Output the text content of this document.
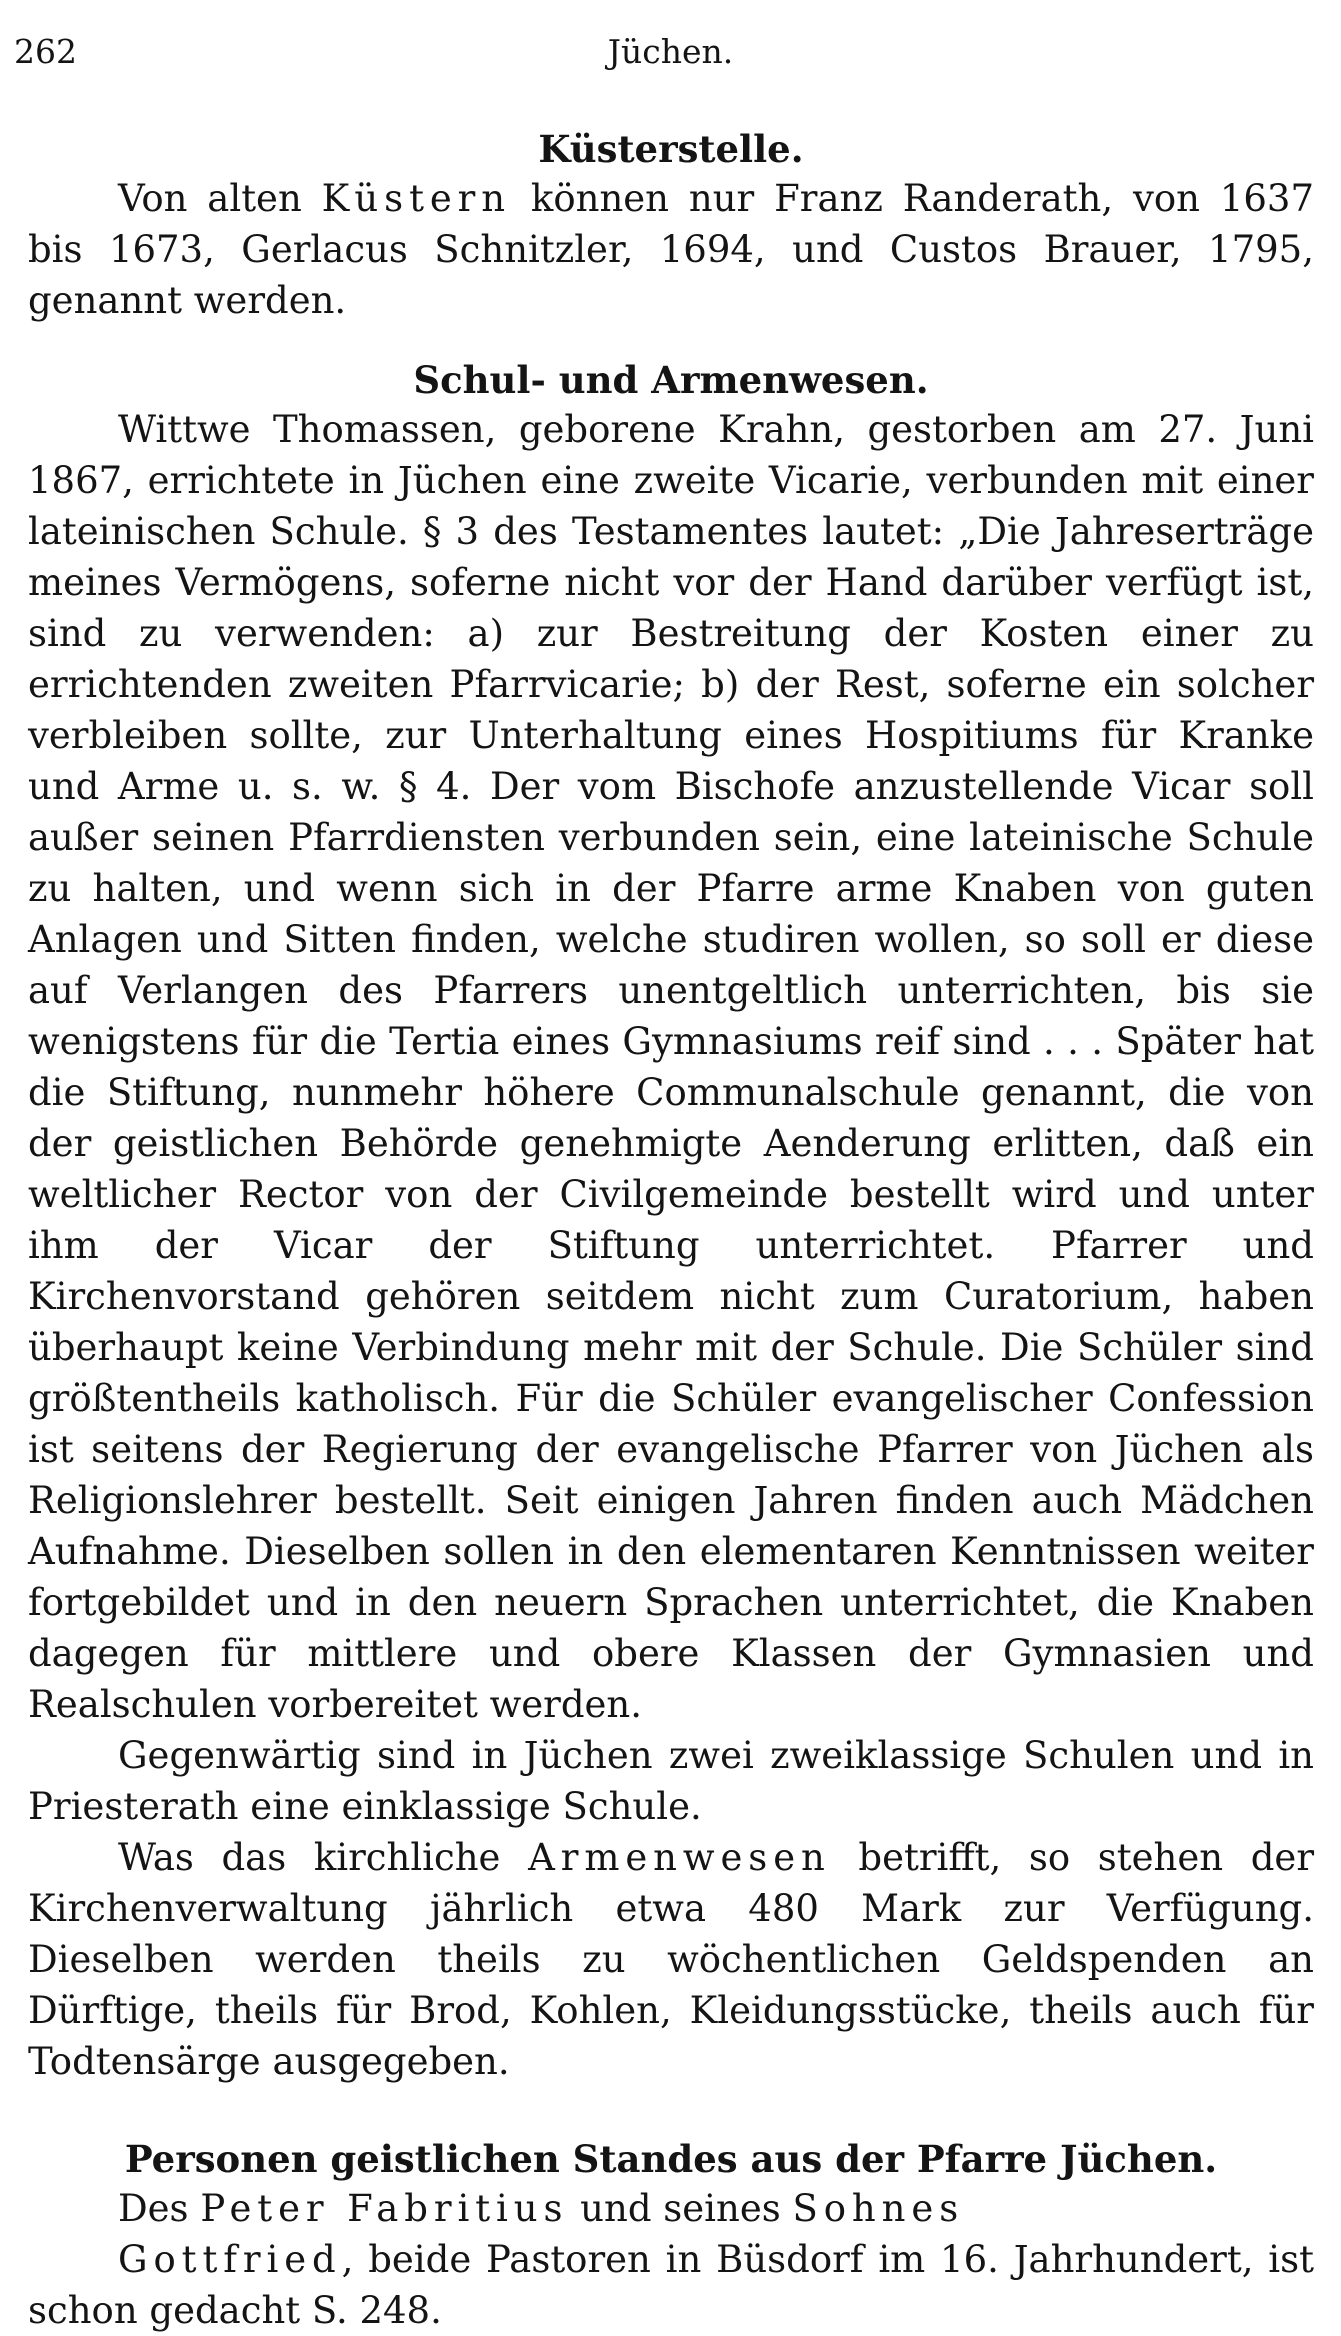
262	Jüchen.
Küsterstelle.

Von alten Küstern können nur Franz Randerath, von 1637 bis 1673, Gerlacus Schnitzler, 1694, und Custos Brauer, 1795, genannt werden.

Schul- und Armenwesen.

Wittwe Thomassen, geborene Krahn, gestorben am 27. Juni 1867, errichtete in Jüchen eine zweite Vicarie, verbunden mit einer lateinischen Schule. § 3 des Testamentes lautet: „Die Jahreserträge meines Vermögens, soferne nicht vor der Hand darüber verfügt ist, sind zu verwenden: a) zur Bestreitung der Kosten einer zu errichtenden zweiten Pfarrvicarie; b) der Rest, soferne ein solcher verbleiben sollte, zur Unterhaltung eines Hospitiums für Kranke und Arme u. s. w. § 4. Der vom Bischofe anzustellende Vicar soll außer seinen Pfarrdiensten verbunden sein, eine lateinische Schule zu halten, und wenn sich in der Pfarre arme Knaben von guten Anlagen und Sitten finden, welche studiren wollen, so soll er diese auf Verlangen des Pfarrers unentgeltlich unterrichten, bis sie wenigstens für die Tertia eines Gymnasiums reif sind . . . Später hat die Stiftung, nunmehr höhere Communalschule genannt, die von der geistlichen Behörde genehmigte Aenderung erlitten, daß ein weltlicher Rector von der Civilgemeinde bestellt wird und unter ihm der Vicar der Stiftung unterrichtet. Pfarrer und Kirchenvorstand gehören seitdem nicht zum Curatorium, haben überhaupt keine Verbindung mehr mit der Schule. Die Schüler sind größtentheils katholisch. Für die Schüler evangelischer Confession ist seitens der Regierung der evangelische Pfarrer von Jüchen als Religionslehrer bestellt. Seit einigen Jahren finden auch Mädchen Aufnahme. Dieselben sollen in den elementaren Kenntnissen weiter fortgebildet und in den neuern Sprachen unterrichtet, die Knaben dagegen für mittlere und obere Klassen der Gymnasien und Realschulen vorbereitet werden.

Gegenwärtig sind in Jüchen zwei zweiklassige Schulen und in Priesterath eine einklassige Schule.

Was das kirchliche Armenwesen betrifft, so stehen der Kirchenverwaltung jährlich etwa 480 Mark zur Verfügung. Dieselben werden theils zu wöchentlichen Geldspenden an Dürftige, theils für Brod, Kohlen, Kleidungsstücke, theils auch für Todtensärge ausgegeben.

Personen geistlichen Standes aus der Pfarre Jüchen.

Des Peter Fabritius und seines Sohnes

Gottfried, beide Pastoren in Büsdorf im 16. Jahrhundert, ist schon gedacht S. 248.
